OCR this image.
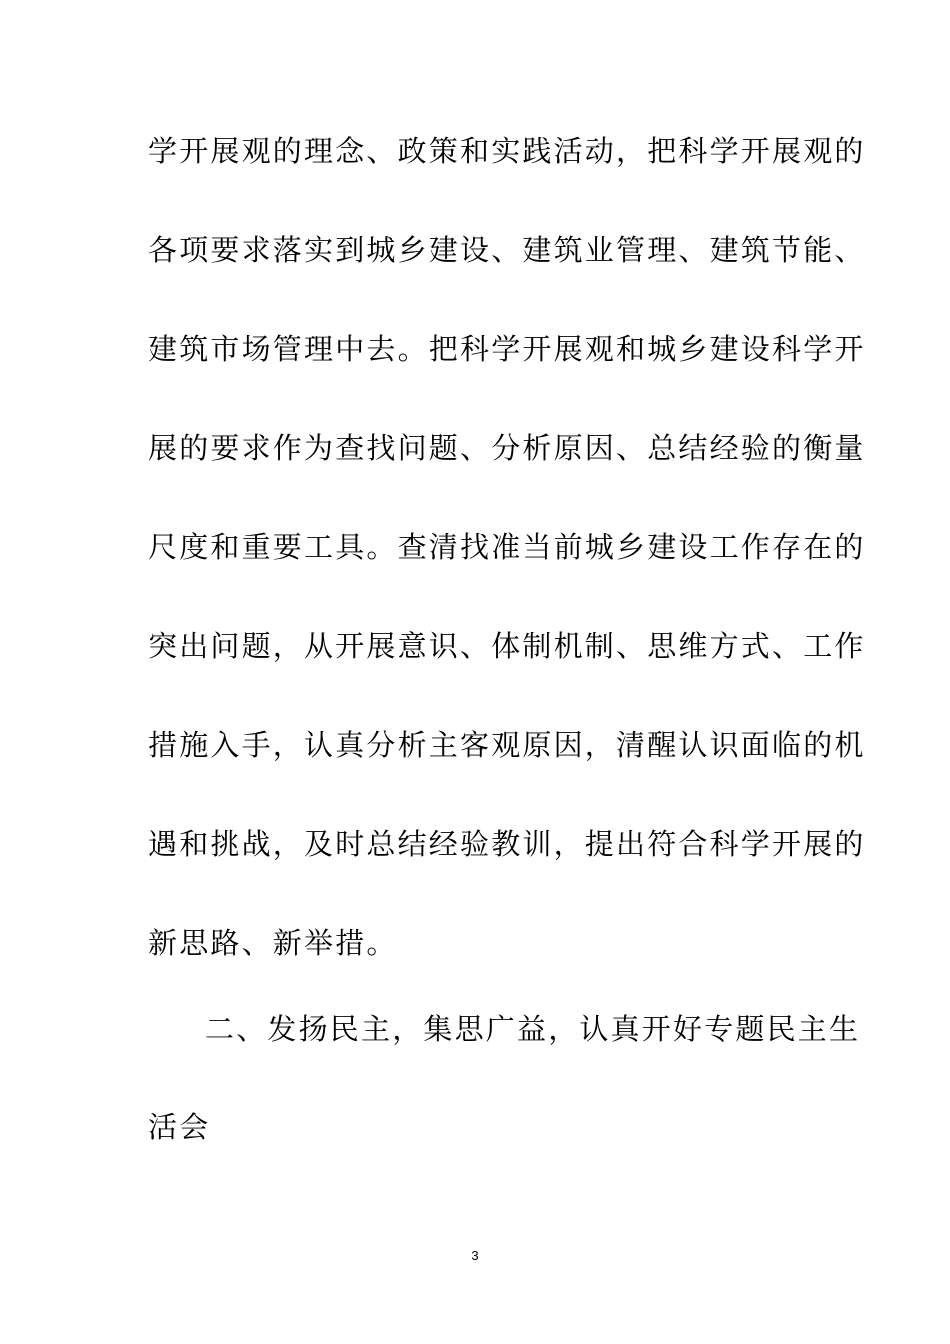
学开展观的理念、政策和实践活动，把科学开展观的
各项要求落实到城乡建设、建筑业管理、建筑节能、
建筑市场管理中去。把科学开展观和城乡建设科学开
展的要求作为查找问题、分析原因、总结经验的衡量
尺度和重要工具。查清找准当前城乡建设工作存在的
突出问题，从开展意识、体制机制、思维方式、工作
措施入手，认真分析主客观原因，清醒认识面临的机
遇和挑战，及时总结经验教训，提出符合科学开展的
新思路、新举措。
二、发扬民主，集思广益，认真开好专题民主生
活会
3
